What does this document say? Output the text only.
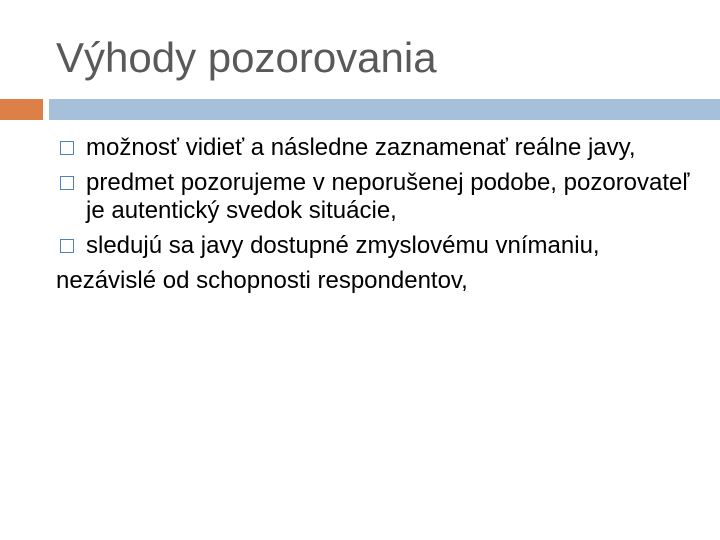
Výhody pozorovania
možnosť vidieť a následne zaznamenať reálne javy,
predmet pozorujeme v neporušenej podobe, pozorovateľ je autentický svedok situácie,
sledujú sa javy dostupné zmyslovému vnímaniu,
nezávislé od schopnosti respondentov,
